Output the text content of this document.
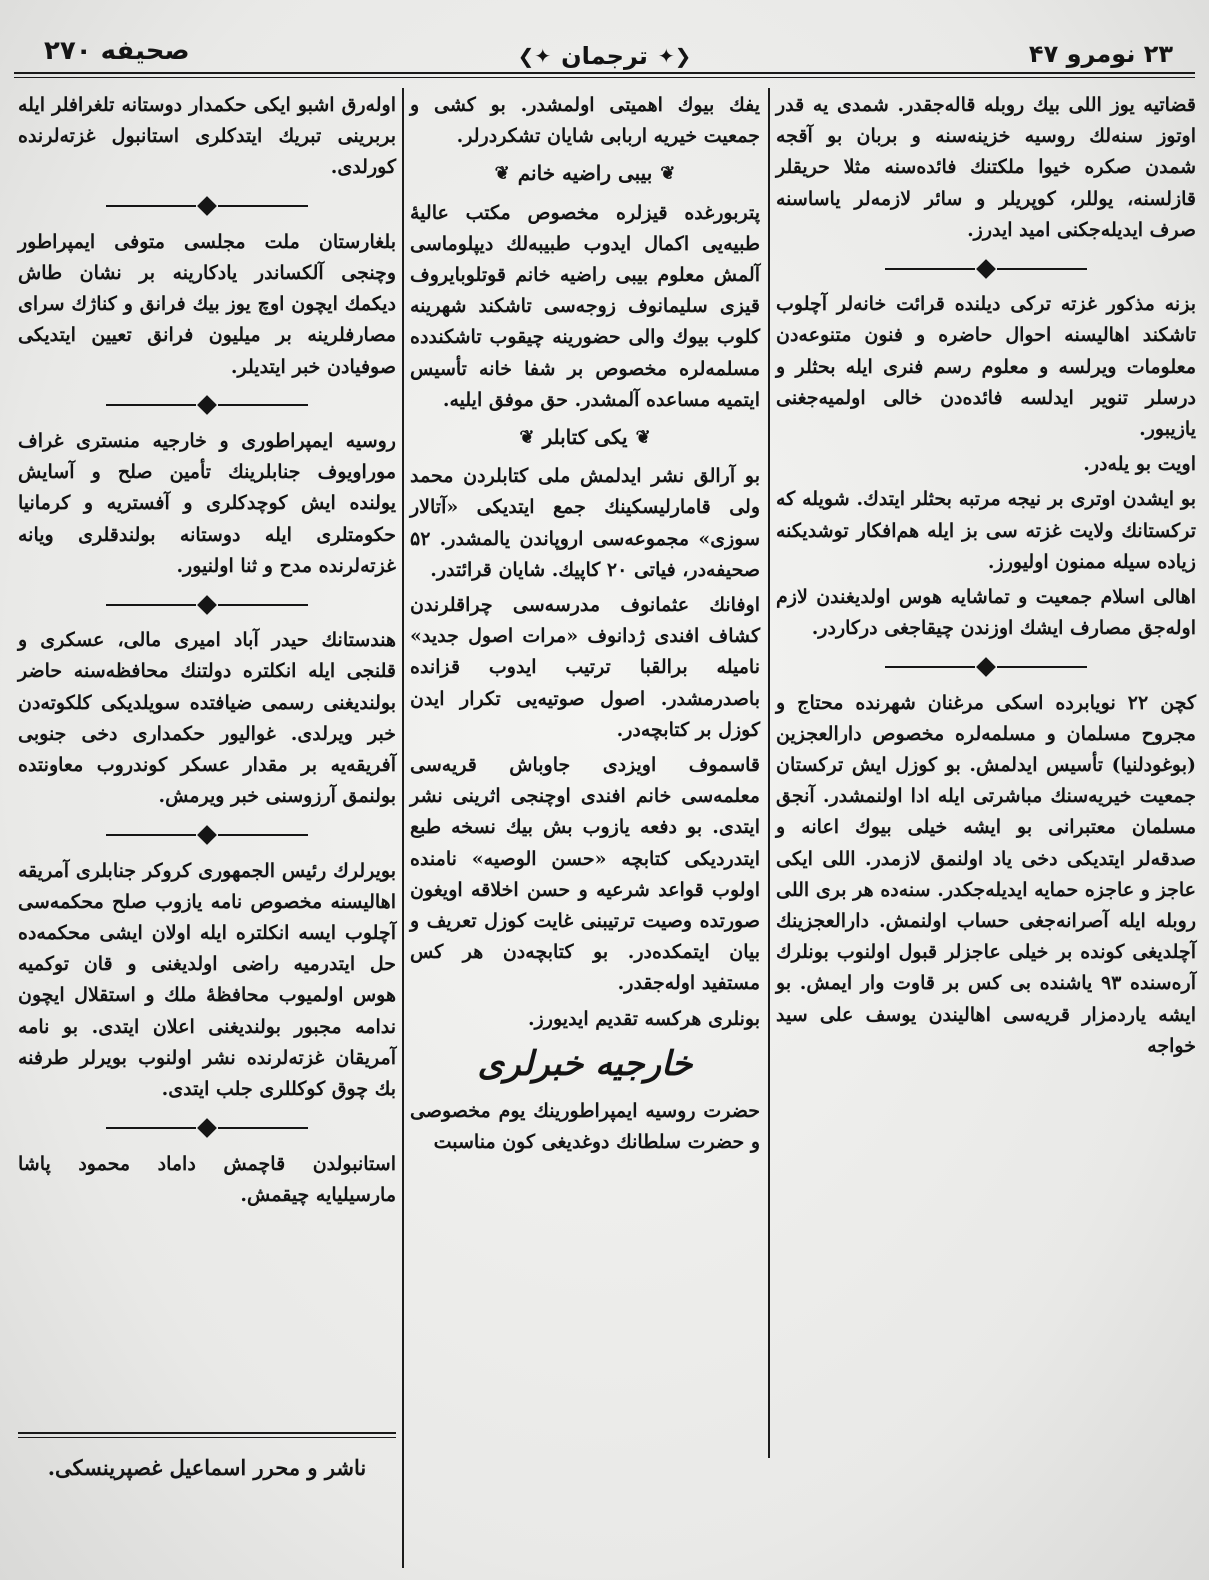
صحیفه ۲۷۰	❮✦
ترجمان
✦❯	۲۳ نومرو ۴۷

قضاتیه یوز اللی بیك روبله قاله‌جقدر. شمدی یه قدر اوتوز سنه‌لك روسیه خزینه‌سنه و بربان بو آقجه شمدن صکره خیوا ملکتنك فائده‌سنه مثلا حریقلر قازلسنه، یوللر، کوپریلر و سائر لازمه‌لر یاساسنه صرف ایدیله‌جکنی امید ایدرز.

بزنه مذکور غزته ترکی دیلنده قرائت خانه‌لر آچلوب تاشکند اهالیسنه احوال حاضره و فنون متنوعه‌دن معلومات ویرلسه و معلوم رسم فنری ایله بحثلر و درسلر تنویر ایدلسه فائده‌دن خالی اولمیه‌جغنی یازیبور.

اویت بو یله‌در.

بو ایشدن اوتری بر نیجه مرتبه بحثلر ایتدك. شویله که ترکستانك ولایت غزته سی بز ایله هم‌افکار توشدیکنه زیاده سیله ممنون اولیورز.

اهالی اسلام جمعیت و تماشایه هوس اولدیغندن لازم اوله‌جق مصارف ایشك اوزندن چیقاجغی درکاردر.

کچن ۲۲ نویابرده اسکی مرغنان شهرنده محتاج و مجروح مسلمان و مسلمه‌لره مخصوص دارالعجزین (بوغودلنیا) تأسیس ایدلمش. بو کوزل ایش ترکستان جمعیت خیریه‌سنك مباشرتی ایله ادا اولنمشدر. آنجق مسلمان معتبرانی بو ایشه خیلی بیوك اعانه و صدقه‌لر ایتدیکی دخی یاد اولنمق لازمدر. اللی ایکی عاجز و عاجزه حمایه ایدیله‌جکدر. سنه‌ده هر بری اللی روبله ایله آصرانه‌جغی حساب اولنمش. دارالعجزینك آچلدیغی کونده بر خیلی عاجزلر قبول اولنوب بونلرك آره‌سنده ۹۳ یاشنده بی کس بر قاوت وار ایمش. بو ایشه یاردمزار قریه‌سی اهالیندن یوسف علی سید خواجه

یفك بیوك اهمیتی اولمشدر. بو کشی و جمعیت خیریه اربابی شایان تشکردرلر.

❦
بیبی راضیه خانم
❦

پتربورغده قیزلره مخصوص مکتب عالیهٔ طبیه‌یی اکمال ایدوب طبیبه‌لك دیپلوماسی آلمش معلوم بیبی راضیه خانم قوتلوبایروف قیزی سلیمانوف زوجه‌سی تاشکند شهرینه کلوب بیوك والی حضورینه چیقوب تاشکندده مسلمه‌لره مخصوص بر شفا خانه تأسیس ایتمیه مساعده آلمشدر. حق موفق ایلیه.

❦
یکی کتابلر
❦

بو آرالق نشر ایدلمش ملی کتابلردن محمد ولی قامارلیسکینك جمع ایتدیکی «آتالار سوزی» مجموعه‌سی اروپاندن یالمشدر. ۵۲ صحیفه‌در، فیاتی ۲۰ کاپیك. شایان قرائتدر.

اوفانك عثمانوف مدرسه‌سی چراقلرندن کشاف افندی ژدانوف «مرات اصول جدید» نامیله برالقبا ترتیب ایدوب قزانده باصدرمشدر. اصول صوتیه‌یی تکرار ایدن کوزل بر کتابچه‌در.

قاسموف اویزدی جاوباش قریه‌سی معلمه‌سی خانم افندی اوچنجی اثرینی نشر ایتدی. بو دفعه یازوب بش بیك نسخه طبع ایتدردیکی کتابچه «حسن الوصیه» نامنده اولوب قواعد شرعیه و حسن اخلاقه اویغون صورتده وصیت ترتیبنی غایت کوزل تعریف و بیان ایتمکده‌در. بو کتابچه‌دن هر کس مستفید اوله‌جقدر.

بونلری هرکسه تقدیم ایدیورز.

خارجیه خبرلری

حضرت روسیه ایمپراطورینك یوم مخصوصی و حضرت سلطانك دوغدیغی کون مناسبت

اولەرق اشبو ایکی حکمدار دوستانه تلغرافلر ایله بربرینی تبریك ایتدکلری استانبول غزته‌لرنده کورلدی.

بلغارستان ملت مجلسی متوفی ایمپراطور وچنجی آلکساندر یادکارینه بر نشان طاش دیکمك ایچون اوچ یوز بیك فرانق و کناژك سرای مصارفلرینه بر میلیون فرانق تعیین ایتدیکی صوفیادن خبر ایتدیلر.

روسیه ایمپراطوری و خارجیه منستری غراف موراویوف جنابلرینك تأمین صلح و آسایش یولنده ایش کوچدکلری و آفستریه و کرمانیا حکومتلری ایله دوستانه بولندقلری ویانه غزته‌لرنده مدح و ثنا اولنیور.

هندستانك حیدر آباد امیری مالی، عسکری و قلنجی ایله انکلتره دولتنك محافظه‌سنه حاضر بولندیغنی رسمی ضیافتده سویلدیکی کلکوته‌دن خبر ویرلدی. غوالیور حکمداری دخی جنوبی آفریقه‌یه بر مقدار عسکر کوندروب معاونتده بولنمق آرزوسنی خبر ویرمش.

بویرلرك رئیس الجمهوری کروکر جنابلری آمریقه اهالیسنه مخصوص نامه یازوب صلح محکمه‌سی آچلوب ایسه انکلتره ایله اولان ایشی محکمه‌ده حل ایتدرمیه راضی اولدیغنی و قان توکمیه هوس اولمیوب محافظهٔ ملك و استقلال ایچون ندامه مجبور بولندیغنی اعلان ایتدی. بو نامه آمریقان غزته‌لرنده نشر اولنوب بویرلر طرفنه بك چوق کوکللری جلب ایتدی.

استانبولدن قاچمش داماد محمود پاشا مارسیلیایه چیقمش.

ناشر و محرر اسماعیل غصپرینسکی.
